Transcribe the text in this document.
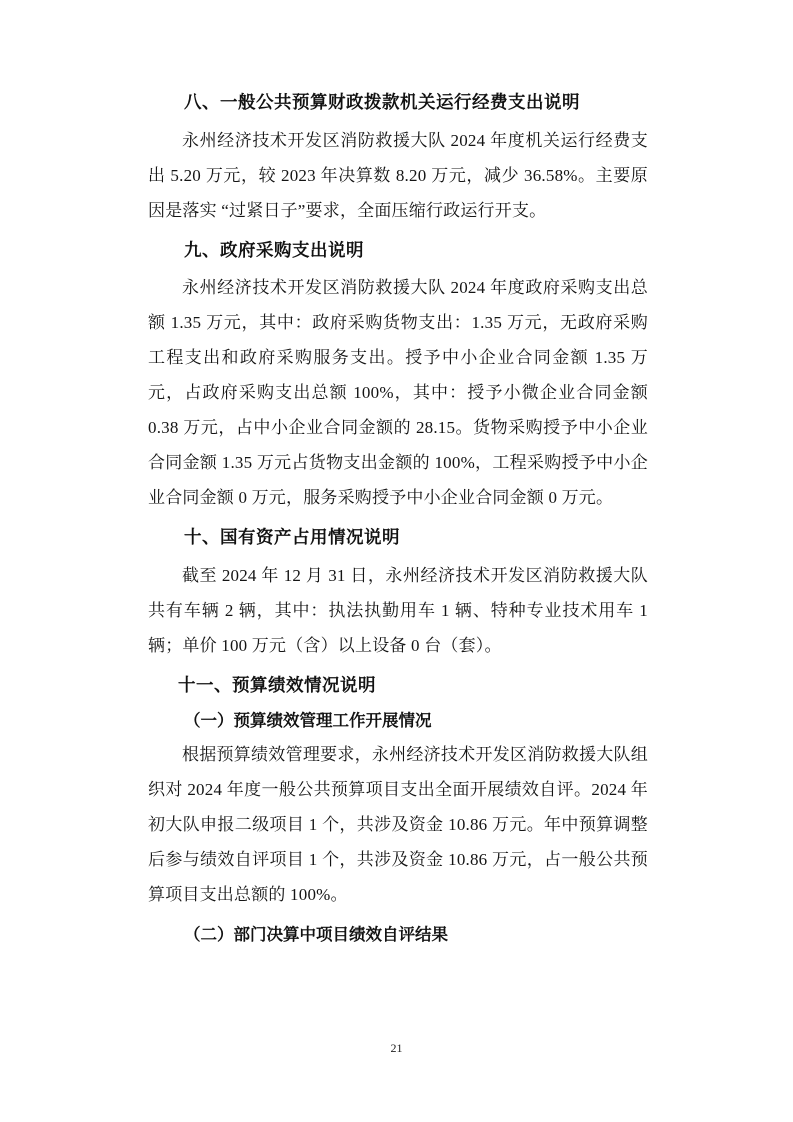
八、一般公共预算财政拨款机关运行经费支出说明

永州经济技术开发区消防救援大队 2024 年度机关运行经费支出 5.20 万元，较 2023 年决算数 8.20 万元，减少 36.58%。主要原因是落实 “过紧日子”要求，全面压缩行政运行开支。

九、政府采购支出说明

永州经济技术开发区消防救援大队 2024 年度政府采购支出总额 1.35 万元，其中：政府采购货物支出：1.35 万元，无政府采购工程支出和政府采购服务支出。授予中小企业合同金额 1.35 万元，占政府采购支出总额 100%，其中：授予小微企业合同金额 0.38 万元，占中小企业合同金额的 28.15。货物采购授予中小企业合同金额 1.35 万元占货物支出金额的 100%，工程采购授予中小企业合同金额 0 万元，服务采购授予中小企业合同金额 0 万元。

十、国有资产占用情况说明

截至 2024 年 12 月 31 日，永州经济技术开发区消防救援大队共有车辆 2 辆，其中：执法执勤用车 1 辆、特种专业技术用车 1 辆；单价 100 万元（含）以上设备 0 台（套）。

十一、预算绩效情况说明
（一）预算绩效管理工作开展情况

根据预算绩效管理要求，永州经济技术开发区消防救援大队组织对 2024 年度一般公共预算项目支出全面开展绩效自评。2024 年初大队申报二级项目 1 个，共涉及资金 10.86 万元。年中预算调整后参与绩效自评项目 1 个，共涉及资金 10.86 万元，占一般公共预算项目支出总额的 100%。

（二）部门决算中项目绩效自评结果
21
